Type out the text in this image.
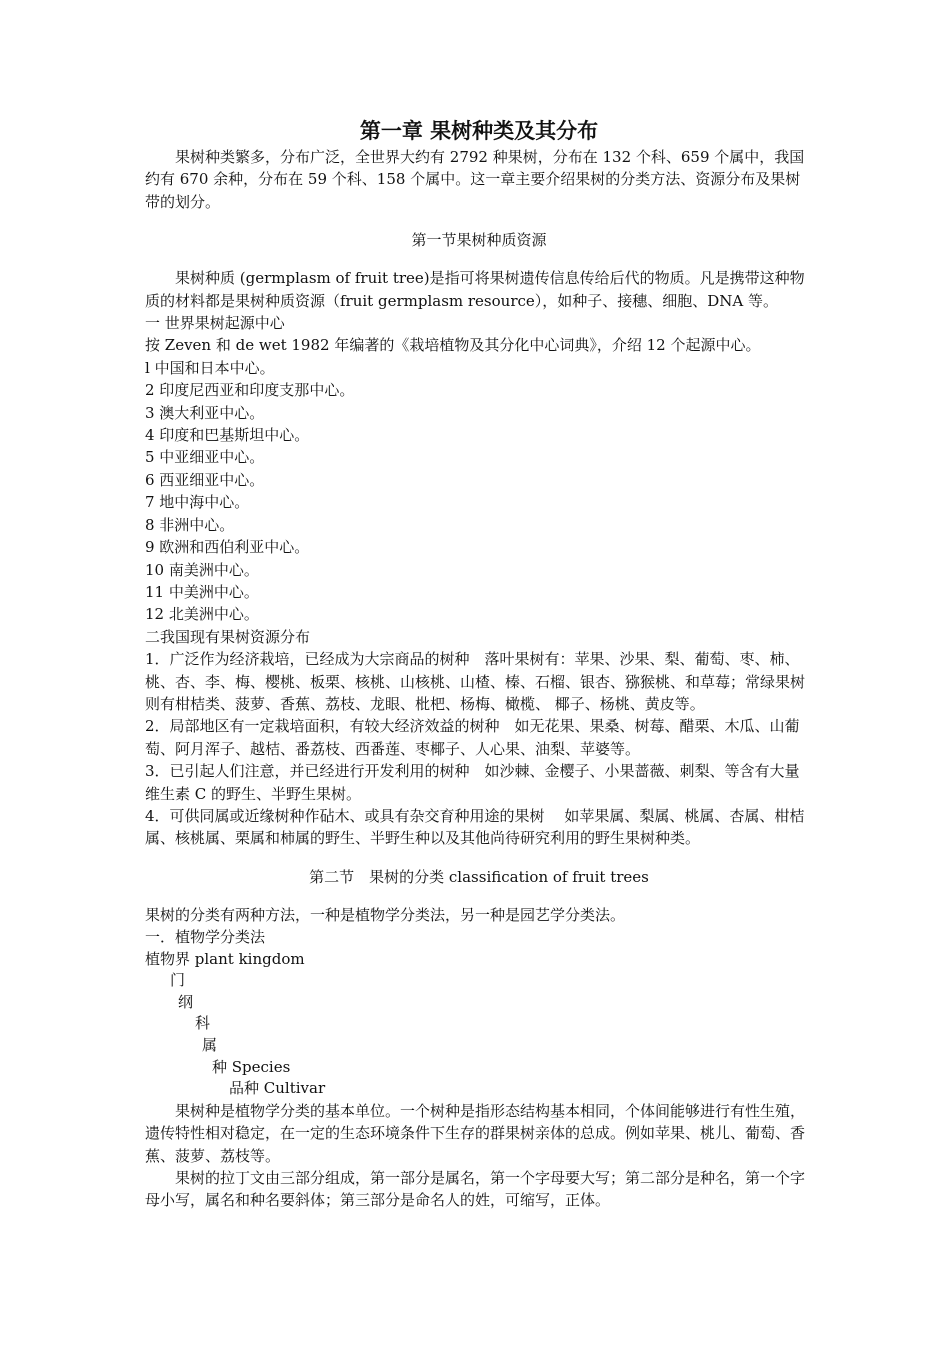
第一章 果树种类及其分布

果树种类繁多，分布广泛，全世界大约有 2792 种果树，分布在 132 个科、659 个属中，我国约有 670 余种，分布在 59 个科、158 个属中。这一章主要介绍果树的分类方法、资源分布及果树带的划分。

第一节果树种质资源

果树种质 (germplasm of fruit tree)是指可将果树遗传信息传给后代的物质。凡是携带这种物质的材料都是果树种质资源（fruit germplasm resource），如种子、接穗、细胞、DNA 等。

一 世界果树起源中心

按 Zeven 和 de wet 1982 年编著的《栽培植物及其分化中心词典》，介绍 12 个起源中心。

l 中国和日本中心。

2 印度尼西亚和印度支那中心。

3 澳大利亚中心。

4 印度和巴基斯坦中心。

5 中亚细亚中心。

6 西亚细亚中心。

7 地中海中心。

8 非洲中心。

9 欧洲和西伯利亚中心。

10 南美洲中心。

11 中美洲中心。

12 北美洲中心。

二我国现有果树资源分布

1．广泛作为经济栽培，已经成为大宗商品的树种　落叶果树有：苹果、沙果、梨、葡萄、枣、柿、桃、杏、李、梅、樱桃、板栗、核桃、山核桃、山楂、榛、石榴、银杏、猕猴桃、和草莓；常绿果树则有柑桔类、菠萝、香蕉、荔枝、龙眼、枇杷、杨梅、橄榄、 椰子、杨桃、黄皮等。

2．局部地区有一定栽培面积，有较大经济效益的树种　如无花果、果桑、树莓、醋栗、木瓜、山葡萄、阿月浑子、越桔、番荔枝、西番莲、枣椰子、人心果、油梨、苹婆等。

3．已引起人们注意，并已经进行开发利用的树种　如沙棘、金樱子、小果蔷薇、刺梨、等含有大量维生素 C 的野生、半野生果树。

4．可供同属或近缘树种作砧木、或具有杂交育种用途的果树　 如苹果属、梨属、桃属、杏属、柑桔属、核桃属、栗属和柿属的野生、半野生种以及其他尚待研究利用的野生果树种类。

第二节　果树的分类 classification of fruit trees

果树的分类有两种方法，一种是植物学分类法，另一种是园艺学分类法。

一．植物学分类法

植物界 plant kingdom

门

纲

科

属

种 Species

品种 Cultivar

果树种是植物学分类的基本单位。一个树种是指形态结构基本相同，个体间能够进行有性生殖，遗传特性相对稳定，在一定的生态环境条件下生存的群果树亲体的总成。例如苹果、桃儿、葡萄、香蕉、菠萝、荔枝等。

果树的拉丁文由三部分组成，第一部分是属名，第一个字母要大写；第二部分是种名，第一个字母小写，属名和种名要斜体；第三部分是命名人的姓，可缩写，正体。
